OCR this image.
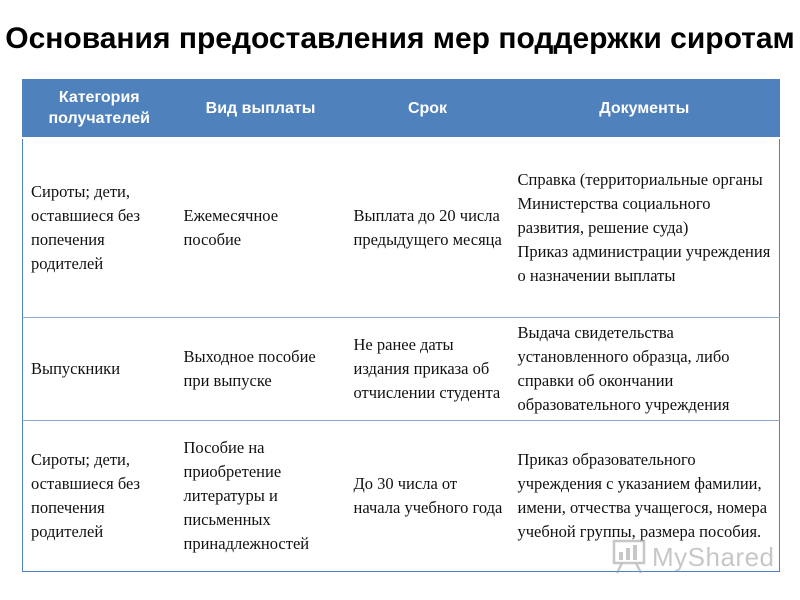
Основания предоставления мер поддержки сиротам
Категория получателей	Вид выплаты	Срок	Документы

Сироты; дети, оставшиеся без попечения родителей	Ежемесячное пособие	Выплата до 20 числа предыдущего месяца	Справка (территориальные органы Министерства социального развития, решение суда)
Приказ администрации учреждения о назначении выплаты

Выпускники	Выходное пособие при выпуске	Не ранее даты издания приказа об отчислении студента	Выдача свидетельства установленного образца, либо справки об окончании образовательного учреждения

Сироты; дети, оставшиеся без попечения родителей	Пособие на приобретение литературы и письменных принадлежностей	До 30 числа от начала учебного года	Приказ образовательного учреждения с указанием фамилии, имени, отчества учащегося, номера учебной группы, размера пособия.
MyShared
